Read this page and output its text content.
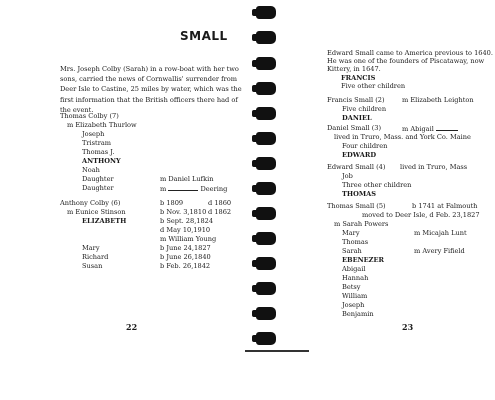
Mrs. Joseph Colby (Sarah) in a row-boat with her two sons, carried the news of Cornwallis' surrender from Deer Isle to Castine, 25 miles by water, which was the first information that the British officers there had of the event.
Thomas Colby (7)
m Elizabeth Thurlow
Joseph
Tristram
Thomas J.
ANTHONY
Noah
Daughter	m Daniel Lufkin
Daughter	m	Deering
Anthony Colby (6)	b 1809	d 1860
m Eunice Stinson	b Nov. 3,1810 d 1862
ELIZABETH	b Sept. 28,1824
d May 10,1910
m William Young
Mary	b June 24,1827
Richard	b June 26,1840
Susan	b Feb. 26,1842
22
SMALL
Edward Small came to America previous to 1640. He was one of the founders of Piscataway, now Kittery, in 1647.
FRANCIS
Five other children
Francis Small (2)	m Elizabeth Leighton
Five children
DANIEL
Daniel Small (3)	m Abigail
lived in Truro, Mass. and York Co. Maine
Four children
EDWARD
Edward Small (4) lived in Truro, Mass
Job
Three other children
THOMAS
Thomas Small (5)	b 1741 at Falmouth
moved to Deer Isle, d Feb. 23,1827
m Sarah Powers
Mary	m Micajah Lunt
Thomas
Sarah	m Avery Fifield
EBENEZER
Abigail
Hannah
Betsy
William
Joseph
Benjamin
23
